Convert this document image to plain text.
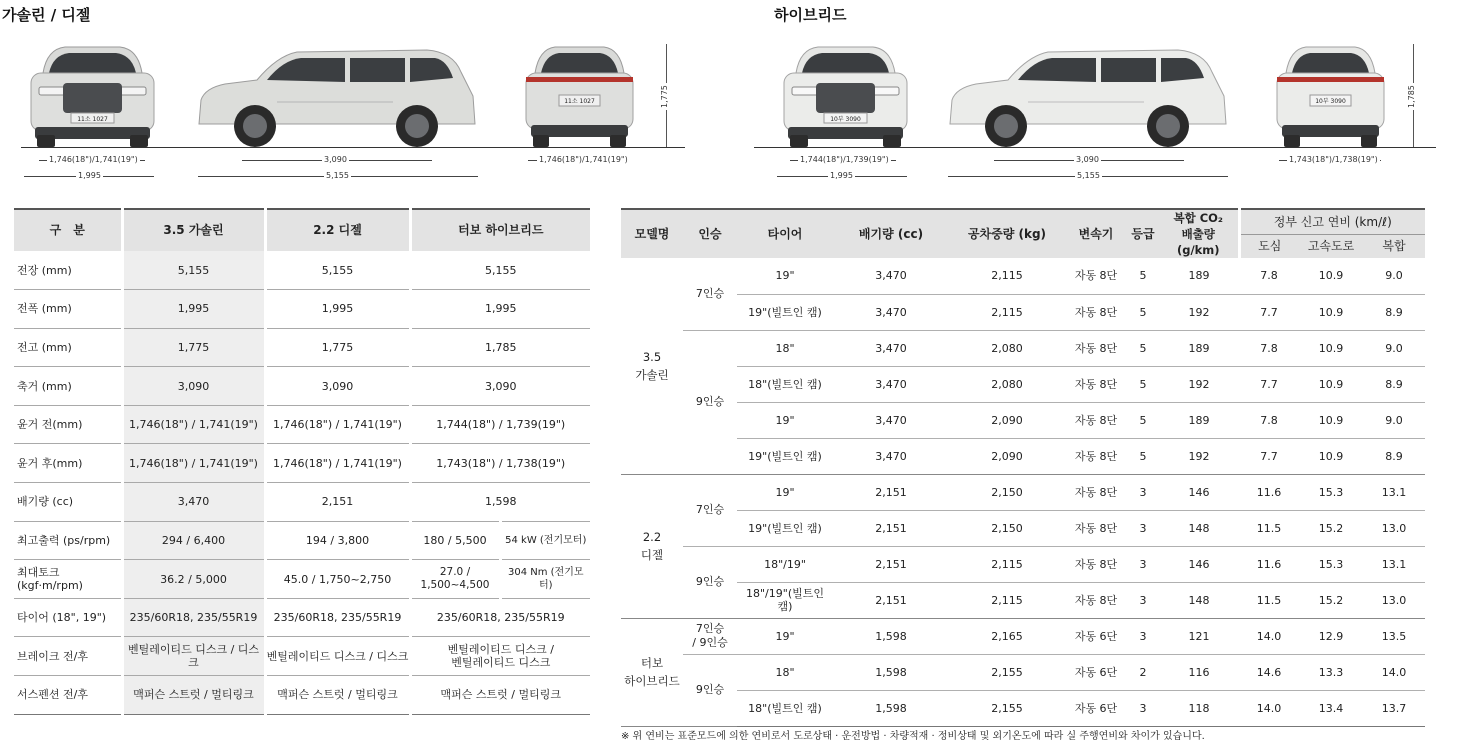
가솔린 / 디젤	하이브리드
11소 1027
11소 1027	1,775
1,746(18")/1,741(19")
1,995
3,090
5,155
1,746(18")/1,741(19")
10부 3090
10부 3090	1,785
1,744(18")/1,739(19")
1,995
3,090
5,155
1,743(18")/1,738(19")
구　분	3.5 가솔린	2.2 디젤	터보 하이브리드	
전장 (mm)	5,155	5,155	5,155	
전폭 (mm)	1,995	1,995	1,995	
전고 (mm)	1,775	1,775	1,785	
축거 (mm)	3,090	3,090	3,090	
윤거 전(mm)	1,746(18") / 1,741(19")	1,746(18") / 1,741(19")	1,744(18") / 1,739(19")	
윤거 후(mm)	1,746(18") / 1,741(19")	1,746(18") / 1,741(19")	1,743(18") / 1,738(19")	
배기량 (cc)	3,470	2,151	1,598	
최고출력 (ps/rpm)	294 / 6,400	194 / 3,800	180 / 5,500	54 kW (전기모터)
최대토크 (kgf·m/rpm)	36.2 / 5,000	45.0 / 1,750~2,750	27.0 /
1,500~4,500	304 Nm (전기모터)
타이어 (18", 19")	235/60R18, 235/55R19	235/60R18, 235/55R19	235/60R18, 235/55R19	
브레이크 전/후	벤틸레이티드 디스크 / 디스크	벤틸레이티드 디스크 / 디스크	벤틸레이티드 디스크 /
벤틸레이티드 디스크	
서스펜션 전/후	맥퍼슨 스트럿 / 멀티링크	맥퍼슨 스트럿 / 멀티링크	맥퍼슨 스트럿 / 멀티링크	
모델명	인승	타이어	배기량 (cc)	공차중량 (kg)	변속기	등급	복합 CO₂
배출량 (g/km)	정부 신고 연비 (km/ℓ)		
								도심	고속도로	복합
3.5
가솔린	7인승	19"	3,470	2,115	자동 8단	5	189	7.8	10.9	9.0
		19"(빌트인 캠)	3,470	2,115	자동 8단	5	192	7.7	10.9	8.9
	9인승	18"	3,470	2,080	자동 8단	5	189	7.8	10.9	9.0
		18"(빌트인 캠)	3,470	2,080	자동 8단	5	192	7.7	10.9	8.9
		19"	3,470	2,090	자동 8단	5	189	7.8	10.9	9.0
		19"(빌트인 캠)	3,470	2,090	자동 8단	5	192	7.7	10.9	8.9
2.2
디젤	7인승	19"	2,151	2,150	자동 8단	3	146	11.6	15.3	13.1
		19"(빌트인 캠)	2,151	2,150	자동 8단	3	148	11.5	15.2	13.0
	9인승	18"/19"	2,151	2,115	자동 8단	3	146	11.6	15.3	13.1
		18"/19"(빌트인 캠)	2,151	2,115	자동 8단	3	148	11.5	15.2	13.0
터보
하이브리드	7인승
/ 9인승	19"	1,598	2,165	자동 6단	3	121	14.0	12.9	13.5
	9인승	18"	1,598	2,155	자동 6단	2	116	14.6	13.3	14.0
		18"(빌트인 캠)	1,598	2,155	자동 6단	3	118	14.0	13.4	13.7
※ 위 연비는 표준모드에 의한 연비로서 도로상태 · 운전방법 · 차량적재 · 정비상태 및 외기온도에 따라 실 주행연비와 차이가 있습니다.
